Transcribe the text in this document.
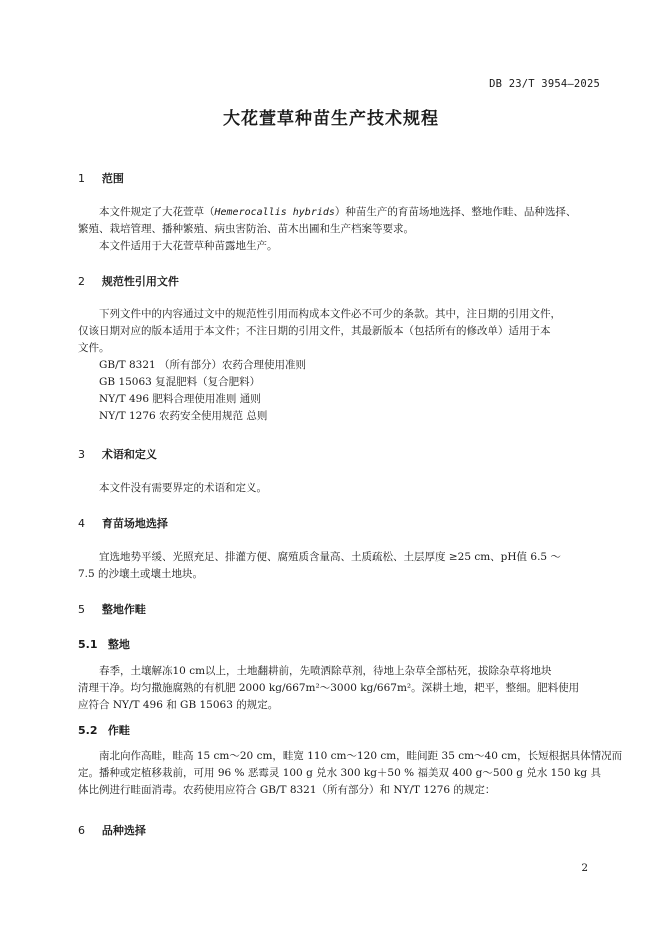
DB 23/T 3954—2025
大花萱草种苗生产技术规程
1 范围
本文件规定了大花萱草（Hemerocallis hybrids）种苗生产的育苗场地选择、整地作畦、品种选择、
繁殖、栽培管理、播种繁殖、病虫害防治、苗木出圃和生产档案等要求。
本文件适用于大花萱草种苗露地生产。
2 规范性引用文件
下列文件中的内容通过文中的规范性引用而构成本文件必不可少的条款。其中，注日期的引用文件，
仅该日期对应的版本适用于本文件；不注日期的引用文件，其最新版本（包括所有的修改单）适用于本
文件。
GB/T 8321 （所有部分）农药合理使用准则
GB 15063 复混肥料（复合肥料）
NY/T 496 肥料合理使用准则 通则
NY/T 1276 农药安全使用规范 总则
3 术语和定义
本文件没有需要界定的术语和定义。
4 育苗场地选择
宜选地势平缓、光照充足、排灌方便、腐殖质含量高、土质疏松、土层厚度 ≥25 cm、pH值 6.5 ～
7.5 的沙壤土或壤土地块。
5 整地作畦
5.1 整地
春季，土壤解冻10 cm以上，土地翻耕前，先喷洒除草剂，待地上杂草全部枯死，拔除杂草将地块
清理干净。均匀撒施腐熟的有机肥 2000 kg/667m²～3000 kg/667m²。深耕土地，耙平，整细。肥料使用
应符合 NY/T 496 和 GB 15063 的规定。
5.2 作畦
南北向作高畦，畦高 15 cm～20 cm，畦宽 110 cm～120 cm，畦间距 35 cm～40 cm，长短根据具体情况而
定。播种或定植移栽前，可用 96 % 恶霉灵 100 g 兑水 300 kg＋50 % 福美双 400 g～500 g 兑水 150 kg 具
体比例进行畦面消毒。农药使用应符合 GB/T 8321（所有部分）和 NY/T 1276 的规定：
6 品种选择
2
